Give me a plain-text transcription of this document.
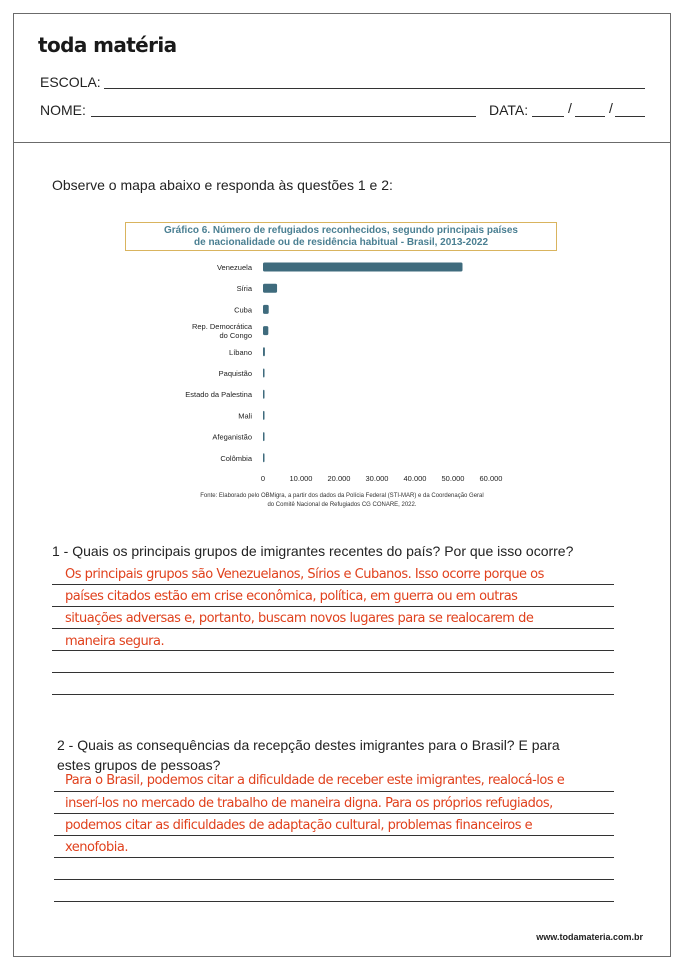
toda matéria
ESCOLA:
NOME:	DATA:	/	/
Observe o mapa abaixo e responda às questões 1 e 2:
Gráfico 6. Número de refugiados reconhecidos, segundo principais países
de nacionalidade ou de residência habitual - Brasil, 2013-2022
Venezuela
Síria
Cuba
Rep. Democrática do Congo
Líbano
Paquistão
Estado da Palestina
Mali
Afeganistão
Colômbia
0	10.000 20.000 30.000 40.000 50.000 60.000
Fonte: Elaborado pelo OBMigra, a partir dos dados da Polícia Federal (STI-MAR) e da Coordenação Geral
do Comitê Nacional de Refugiados CG CONARE, 2022.
1 - Quais os principais grupos de imigrantes recentes do país? Por que isso ocorre?
Os principais grupos são Venezuelanos, Sírios e Cubanos. Isso ocorre porque os
países citados estão em crise econômica, política, em guerra ou em outras
situações adversas e, portanto, buscam novos lugares para se realocarem de
maneira segura.
2 - Quais as consequências da recepção destes imigrantes para o Brasil? E para
estes grupos de pessoas?
Para o Brasil, podemos citar a dificuldade de receber este imigrantes, realocá-los e
inserí-los no mercado de trabalho de maneira digna. Para os próprios refugiados,
podemos citar as dificuldades de adaptação cultural, problemas financeiros e
xenofobia.
www.todamateria.com.br
